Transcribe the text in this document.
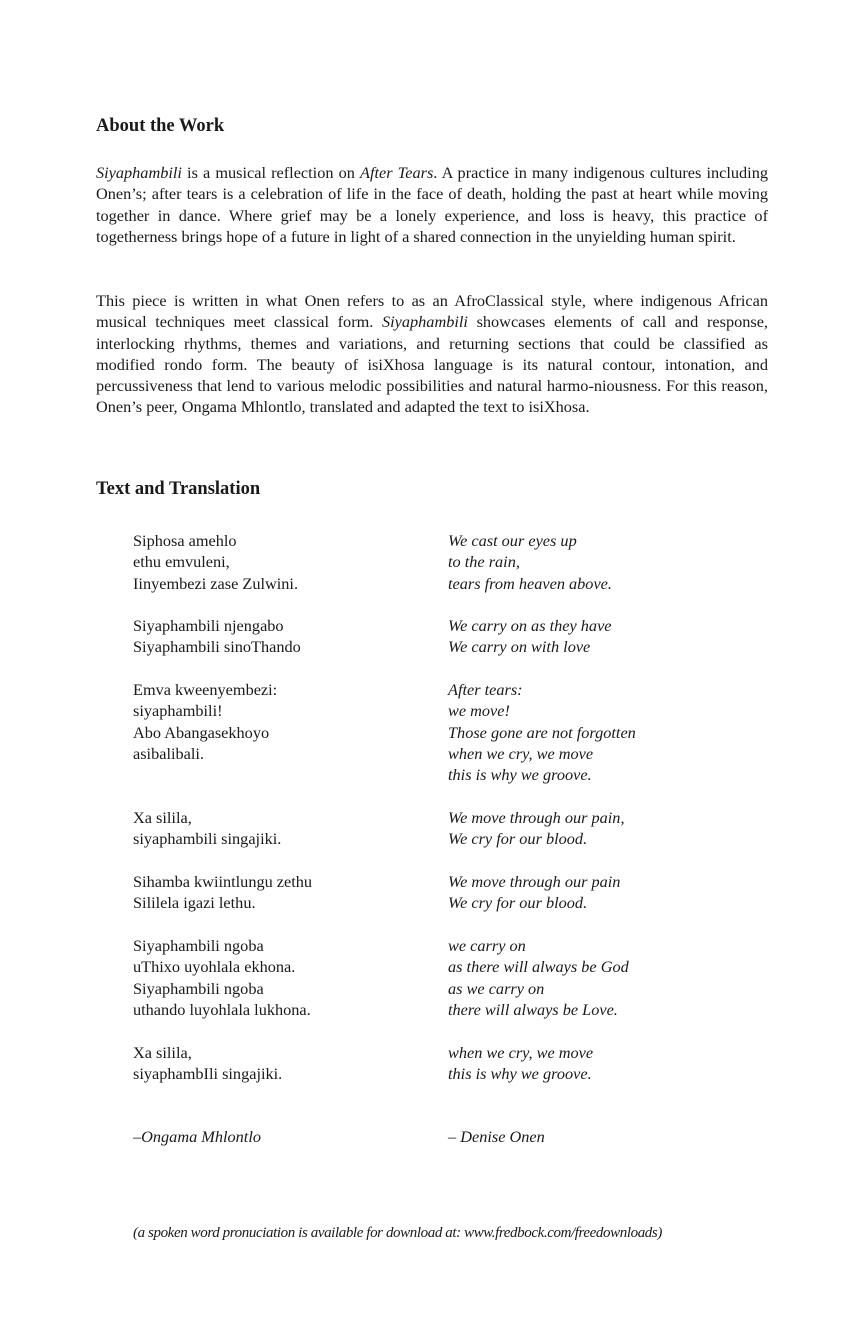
About the Work

Siyaphambili is a musical reflection on After Tears. A practice in many indigenous cultures including Onen’s; after tears is a celebration of life in the face of death, holding the past at heart while moving together in dance. Where grief may be a lonely experience, and loss is heavy, this practice of togetherness brings hope of a future in light of a shared connection in the unyielding human spirit.

This piece is written in what Onen refers to as an AfroClassical style, where indigenous African musical techniques meet classical form. Siyaphambili showcases elements of call and response, interlocking rhythms, themes and variations, and returning sections that could be classified as modified rondo form. The beauty of isiXhosa language is its natural contour, intonation, and percussiveness that lend to various melodic possibilities and natural harmo-niousness. For this reason, Onen’s peer, Ongama Mhlontlo, translated and adapted the text to isiXhosa.

Text and Translation
Siphosa amehlo
ethu emvuleni,
Iinyembezi zase Zulwini.
Siyaphambili njengabo
Siyaphambili sinoThando
Emva kweenyembezi:
siyaphambili!
Abo Abangasekhoyo
asibalibali.
Xa silila,
siyaphambili singajiki.
Sihamba kwiintlungu zethu
Sililela igazi lethu.
Siyaphambili ngoba
uThixo uyohlala ekhona.
Siyaphambili ngoba
uthando luyohlala lukhona.
Xa silila,
siyaphambIli singajiki.
We cast our eyes up
to the rain,
tears from heaven above.
We carry on as they have
We carry on with love
After tears:
we move!
Those gone are not forgotten
when we cry, we move
this is why we groove.
We move through our pain,
We cry for our blood.
We move through our pain
We cry for our blood.
we carry on
as there will always be God
as we carry on
there will always be Love.
when we cry, we move
this is why we groove.
–Ongama Mhlontlo	– Denise Onen
(a spoken word pronuciation is available for download at: www.fredbock.com/freedownloads)
